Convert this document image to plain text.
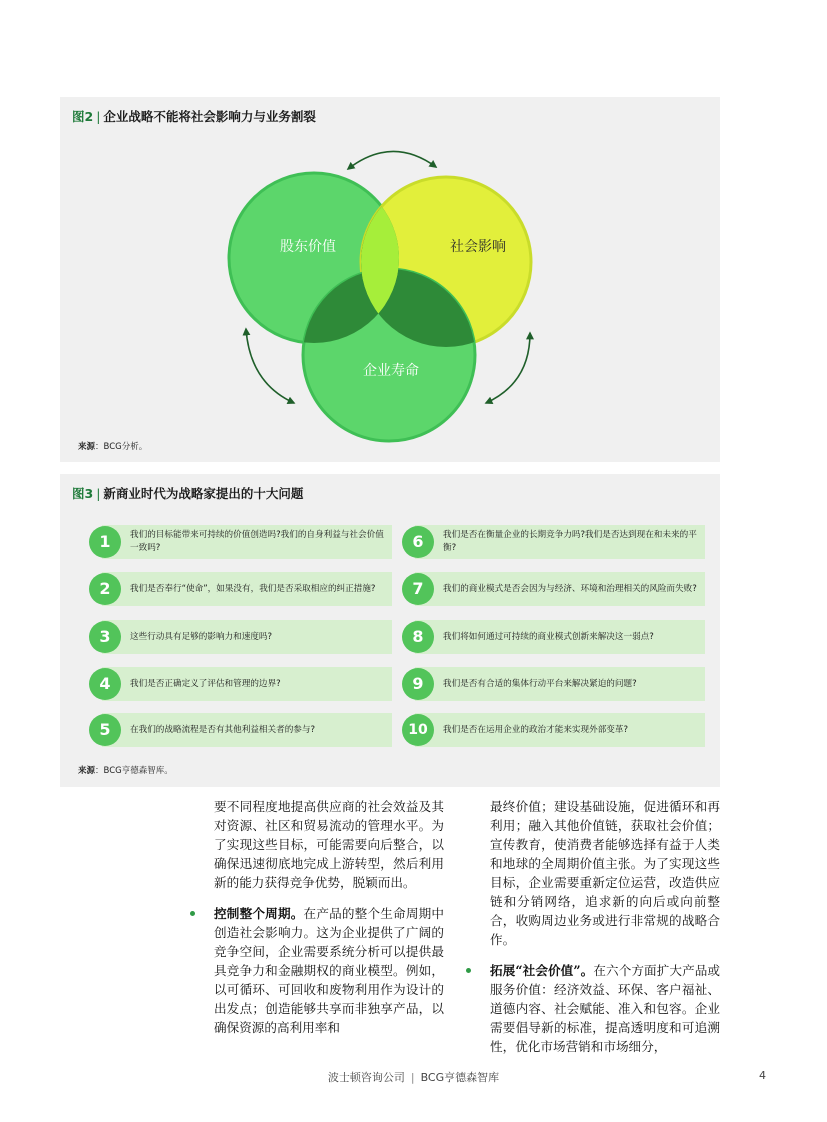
图2 | 企业战略不能将社会影响力与业务割裂
股东价值	社会影响
企业寿命
来源：BCG分析。
图3 | 新商业时代为战略家提出的十大问题
1	我们的目标能带来可持续的价值创造吗?我们的自身利益与社会价值一致吗?
2	我们是否奉行“使命”，如果没有，我们是否采取相应的纠正措施?
3	这些行动具有足够的影响力和速度吗?
4	我们是否正确定义了评估和管理的边界?
5	在我们的战略流程是否有其他利益相关者的参与?
6	我们是否在衡量企业的长期竞争力吗?我们是否达到现在和未来的平衡?
7	我们的商业模式是否会因为与经济、环境和治理相关的风险而失败?
8	我们将如何通过可持续的商业模式创新来解决这一弱点?
9	我们是否有合适的集体行动平台来解决紧迫的问题?
10	我们是否在运用企业的政治才能来实现外部变革?
来源：BCG亨德森智库。

要不同程度地提高供应商的社会效益及其对资源、社区和贸易流动的管理水平。为了实现这些目标，可能需要向后整合，以确保迅速彻底地完成上游转型，然后利用新的能力获得竞争优势，脱颖而出。

控制整个周期。在产品的整个生命周期中创造社会影响力。这为企业提供了广阔的竞争空间，企业需要系统分析可以提供最具竞争力和金融期权的商业模型。例如，以可循环、可回收和废物利用作为设计的出发点；创造能够共享而非独享产品，以确保资源的高利用率和

最终价值；建设基础设施，促进循环和再利用；融入其他价值链，获取社会价值；宣传教育，使消费者能够选择有益于人类和地球的全周期价值主张。为了实现这些目标，企业需要重新定位运营，改造供应链和分销网络，追求新的向后或向前整合，收购周边业务或进行非常规的战略合作。

拓展“社会价值”。在六个方面扩大产品或服务价值：经济效益、环保、客户福祉、道德内容、社会赋能、准入和包容。企业需要倡导新的标准，提高透明度和可追溯性，优化市场营销和市场细分，

波士顿咨询公司 | BCG亨德森智库	4
